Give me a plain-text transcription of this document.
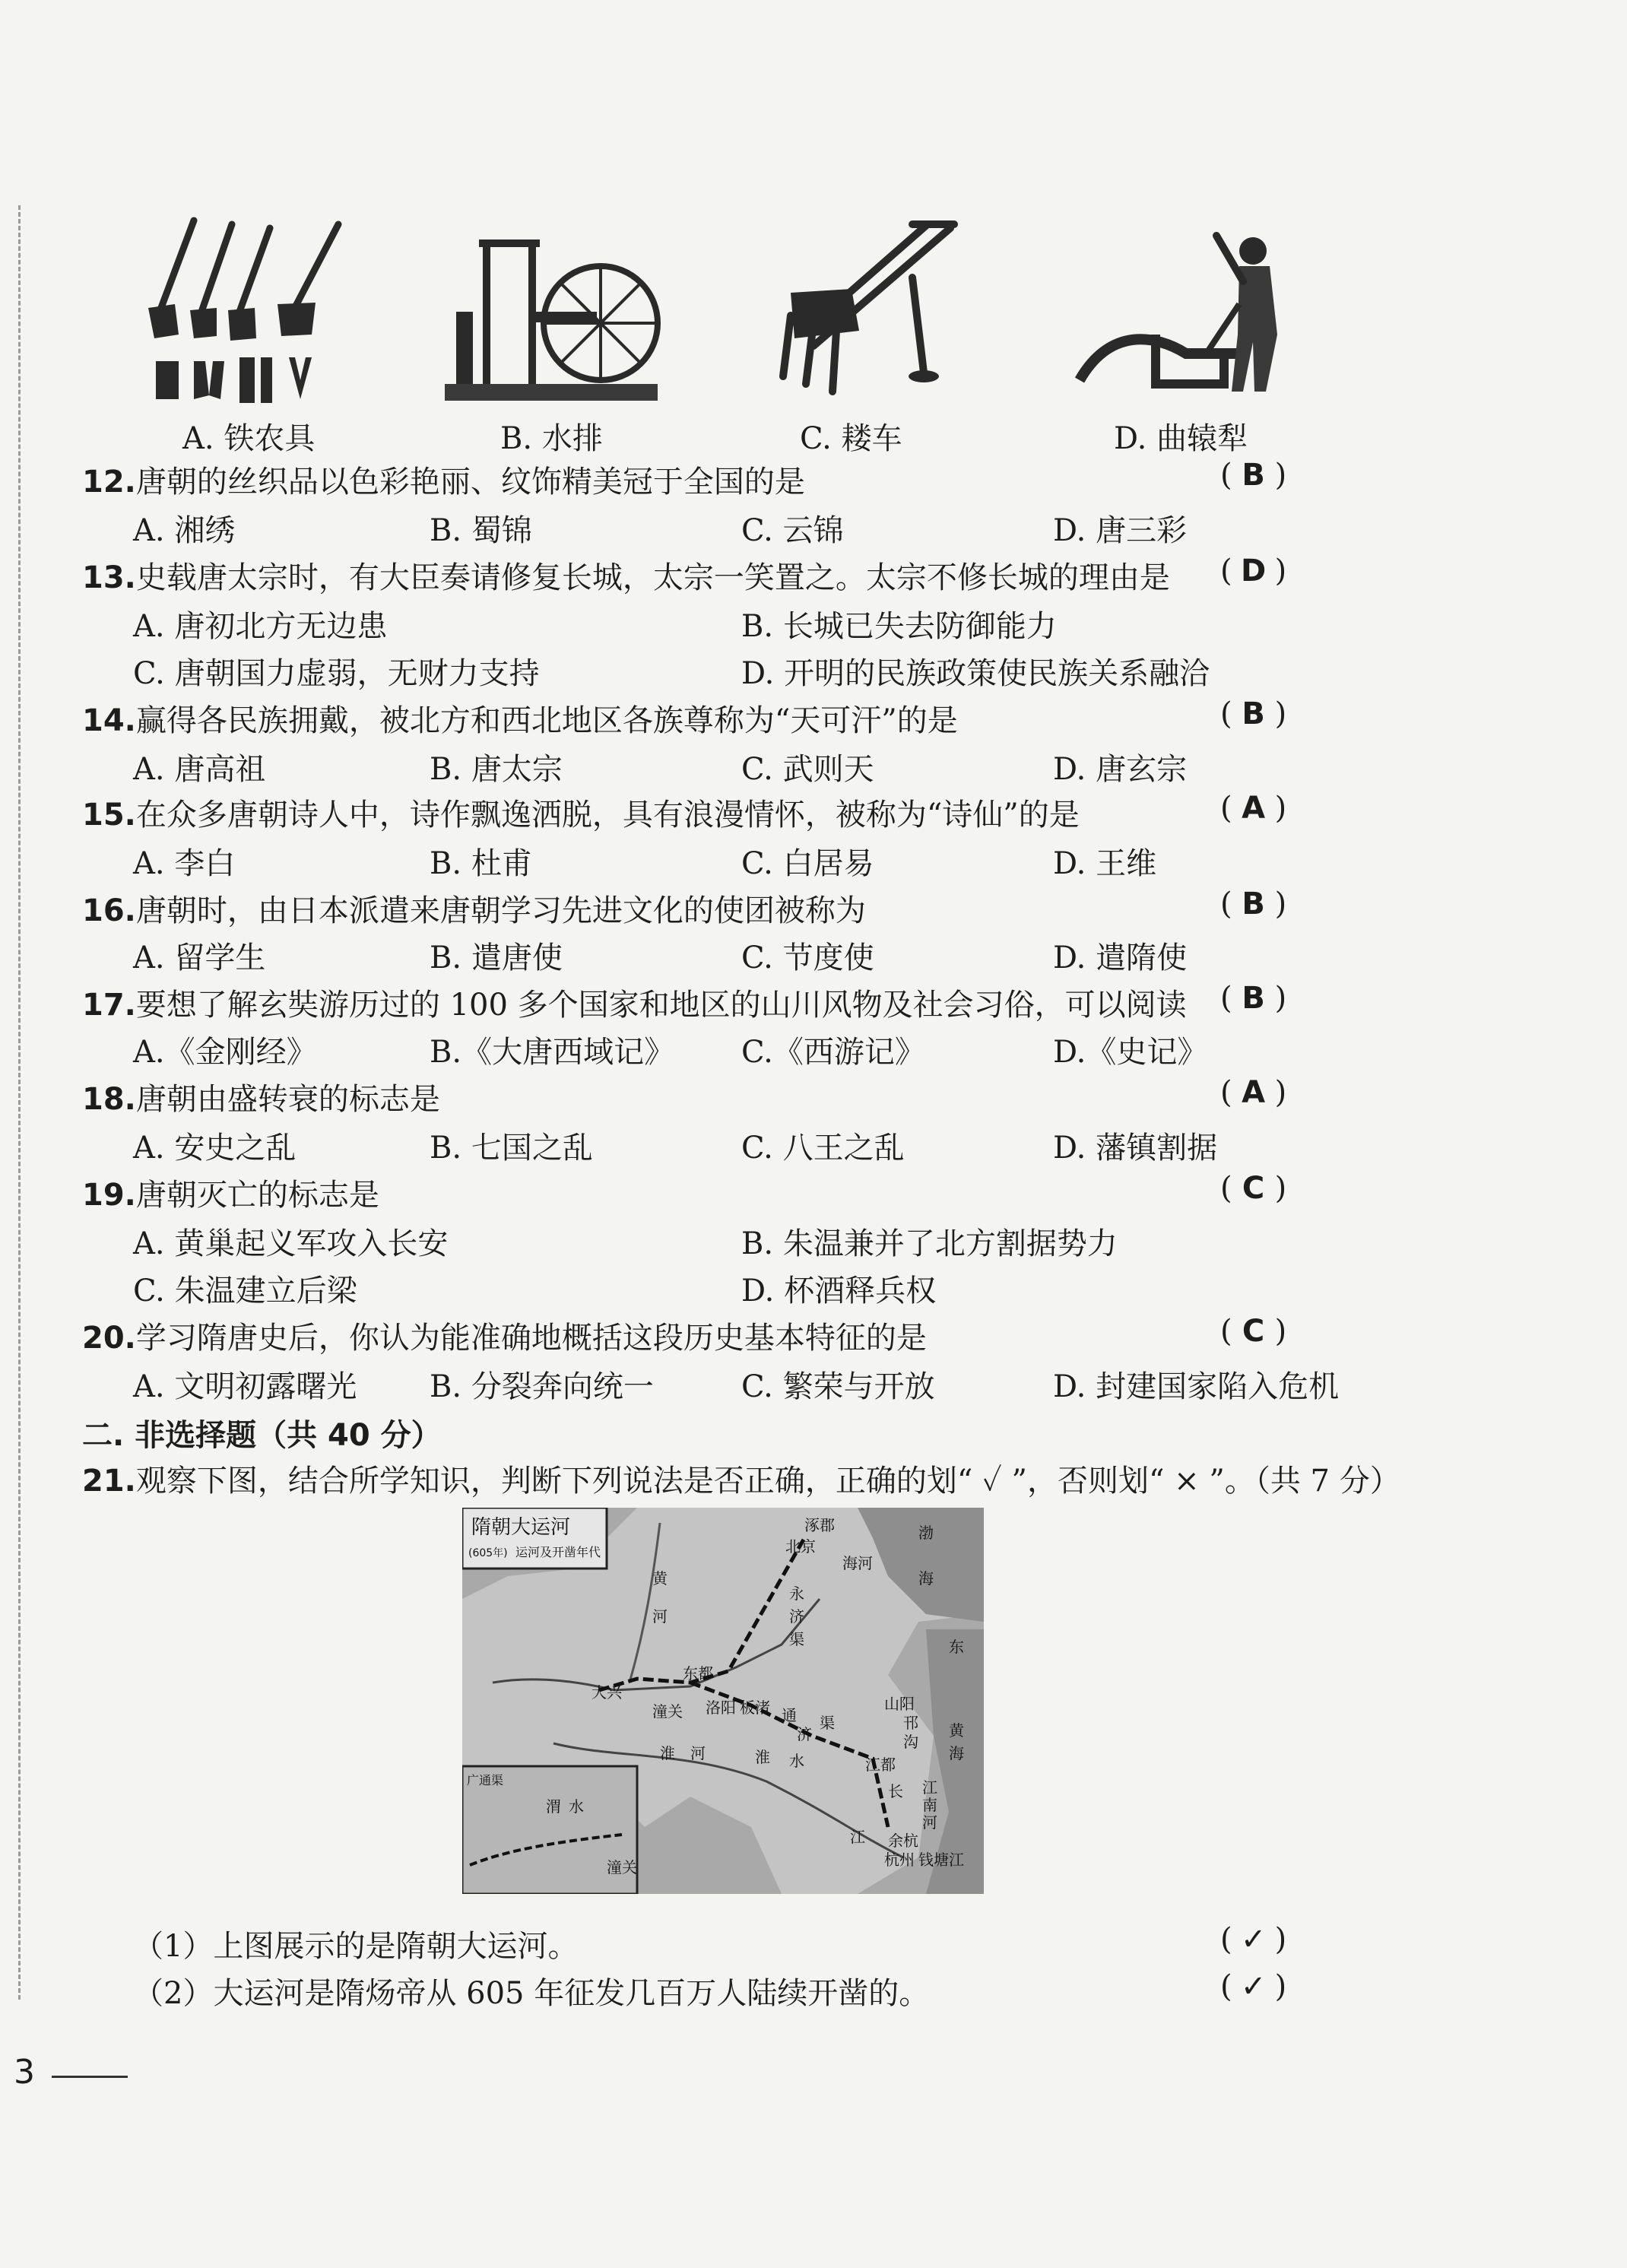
A. 铁农具	B. 水排	C. 耧车	D. 曲辕犁
12.唐朝的丝织品以色彩艳丽、纹饰精美冠于全国的是	( B )
A. 湘绣	B. 蜀锦	C. 云锦	D. 唐三彩
13.史载唐太宗时，有大臣奏请修复长城，太宗一笑置之。太宗不修长城的理由是 ( D )
A. 唐初北方无边患	B. 长城已失去防御能力
C. 唐朝国力虚弱，无财力支持	D. 开明的民族政策使民族关系融洽
14.赢得各民族拥戴，被北方和西北地区各族尊称为“天可汗”的是	( B )
A. 唐高祖	B. 唐太宗	C. 武则天	D. 唐玄宗
15.在众多唐朝诗人中，诗作飘逸洒脱，具有浪漫情怀，被称为“诗仙”的是	( A )
A. 李白	B. 杜甫	C. 白居易	D. 王维
16.唐朝时，由日本派遣来唐朝学习先进文化的使团被称为	( B )
A. 留学生	B. 遣唐使	C. 节度使	D. 遣隋使
17.要想了解玄奘游历过的 100 多个国家和地区的山川风物及社会习俗，可以阅读 ( B )
A.《金刚经》	B.《大唐西域记》 C.《西游记》	D.《史记》
18.唐朝由盛转衰的标志是	( A )
A. 安史之乱	B. 七国之乱	C. 八王之乱	D. 藩镇割据
19.唐朝灭亡的标志是	( C )
A. 黄巢起义军攻入长安	B. 朱温兼并了北方割据势力
C. 朱温建立后梁	D. 杯酒释兵权
20.学习隋唐史后，你认为能准确地概括这段历史基本特征的是	( C )
A. 文明初露曙光 B. 分裂奔向统一	C. 繁荣与开放	D. 封建国家陷入危机
二. 非选择题（共 40 分）
21.观察下图，结合所学知识，判断下列说法是否正确，正确的划“ ✓ ”，否则划“ × ”。（共 7 分）
隋朝大运河
(605年) 运河及开凿年代
广通渠
涿郡
北京
海河
渤
海
黄
河
大兴
潼关
东都
洛阳 板渚 通
济
渠
永
济
渠
黄
海
东
山阳
邗
沟
江都
江
南
河
长
江 余杭
杭州 钱塘江
淮 水
淮 河
渭 水
潼关
（1）上图展示的是隋朝大运河。	( ✓ )
（2）大运河是隋炀帝从 605 年征发几百万人陆续开凿的。	( ✓ )
3
